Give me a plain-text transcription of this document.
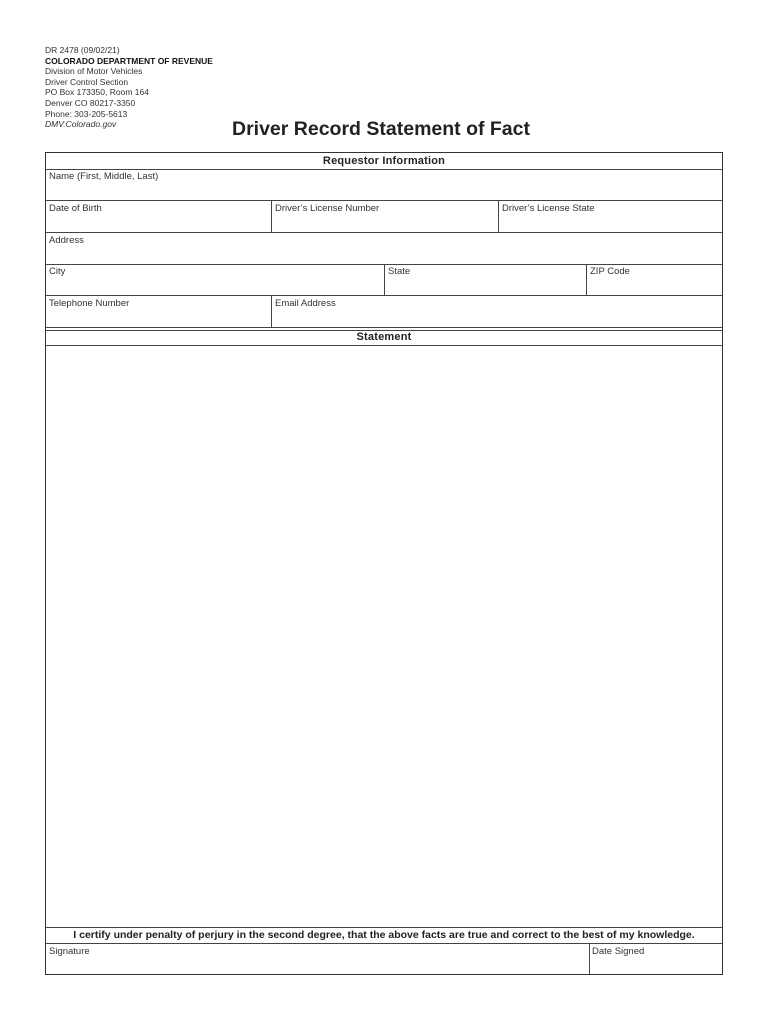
DR 2478 (09/02/21)
COLORADO DEPARTMENT OF REVENUE
Division of Motor Vehicles
Driver Control Section
PO Box 173350, Room 164
Denver CO 80217-3350
Phone: 303-205-5613
DMV.Colorado.gov	Driver Record Statement of Fact
Requestor Information
Name (First, Middle, Last)
Date of Birth	Driver’s License Number	Driver’s License State
Address
City	State	ZIP Code
Telephone Number	Email Address
Statement
I certify under penalty of perjury in the second degree, that the above facts are true and correct to the best of my knowledge.
Signature	Date Signed
